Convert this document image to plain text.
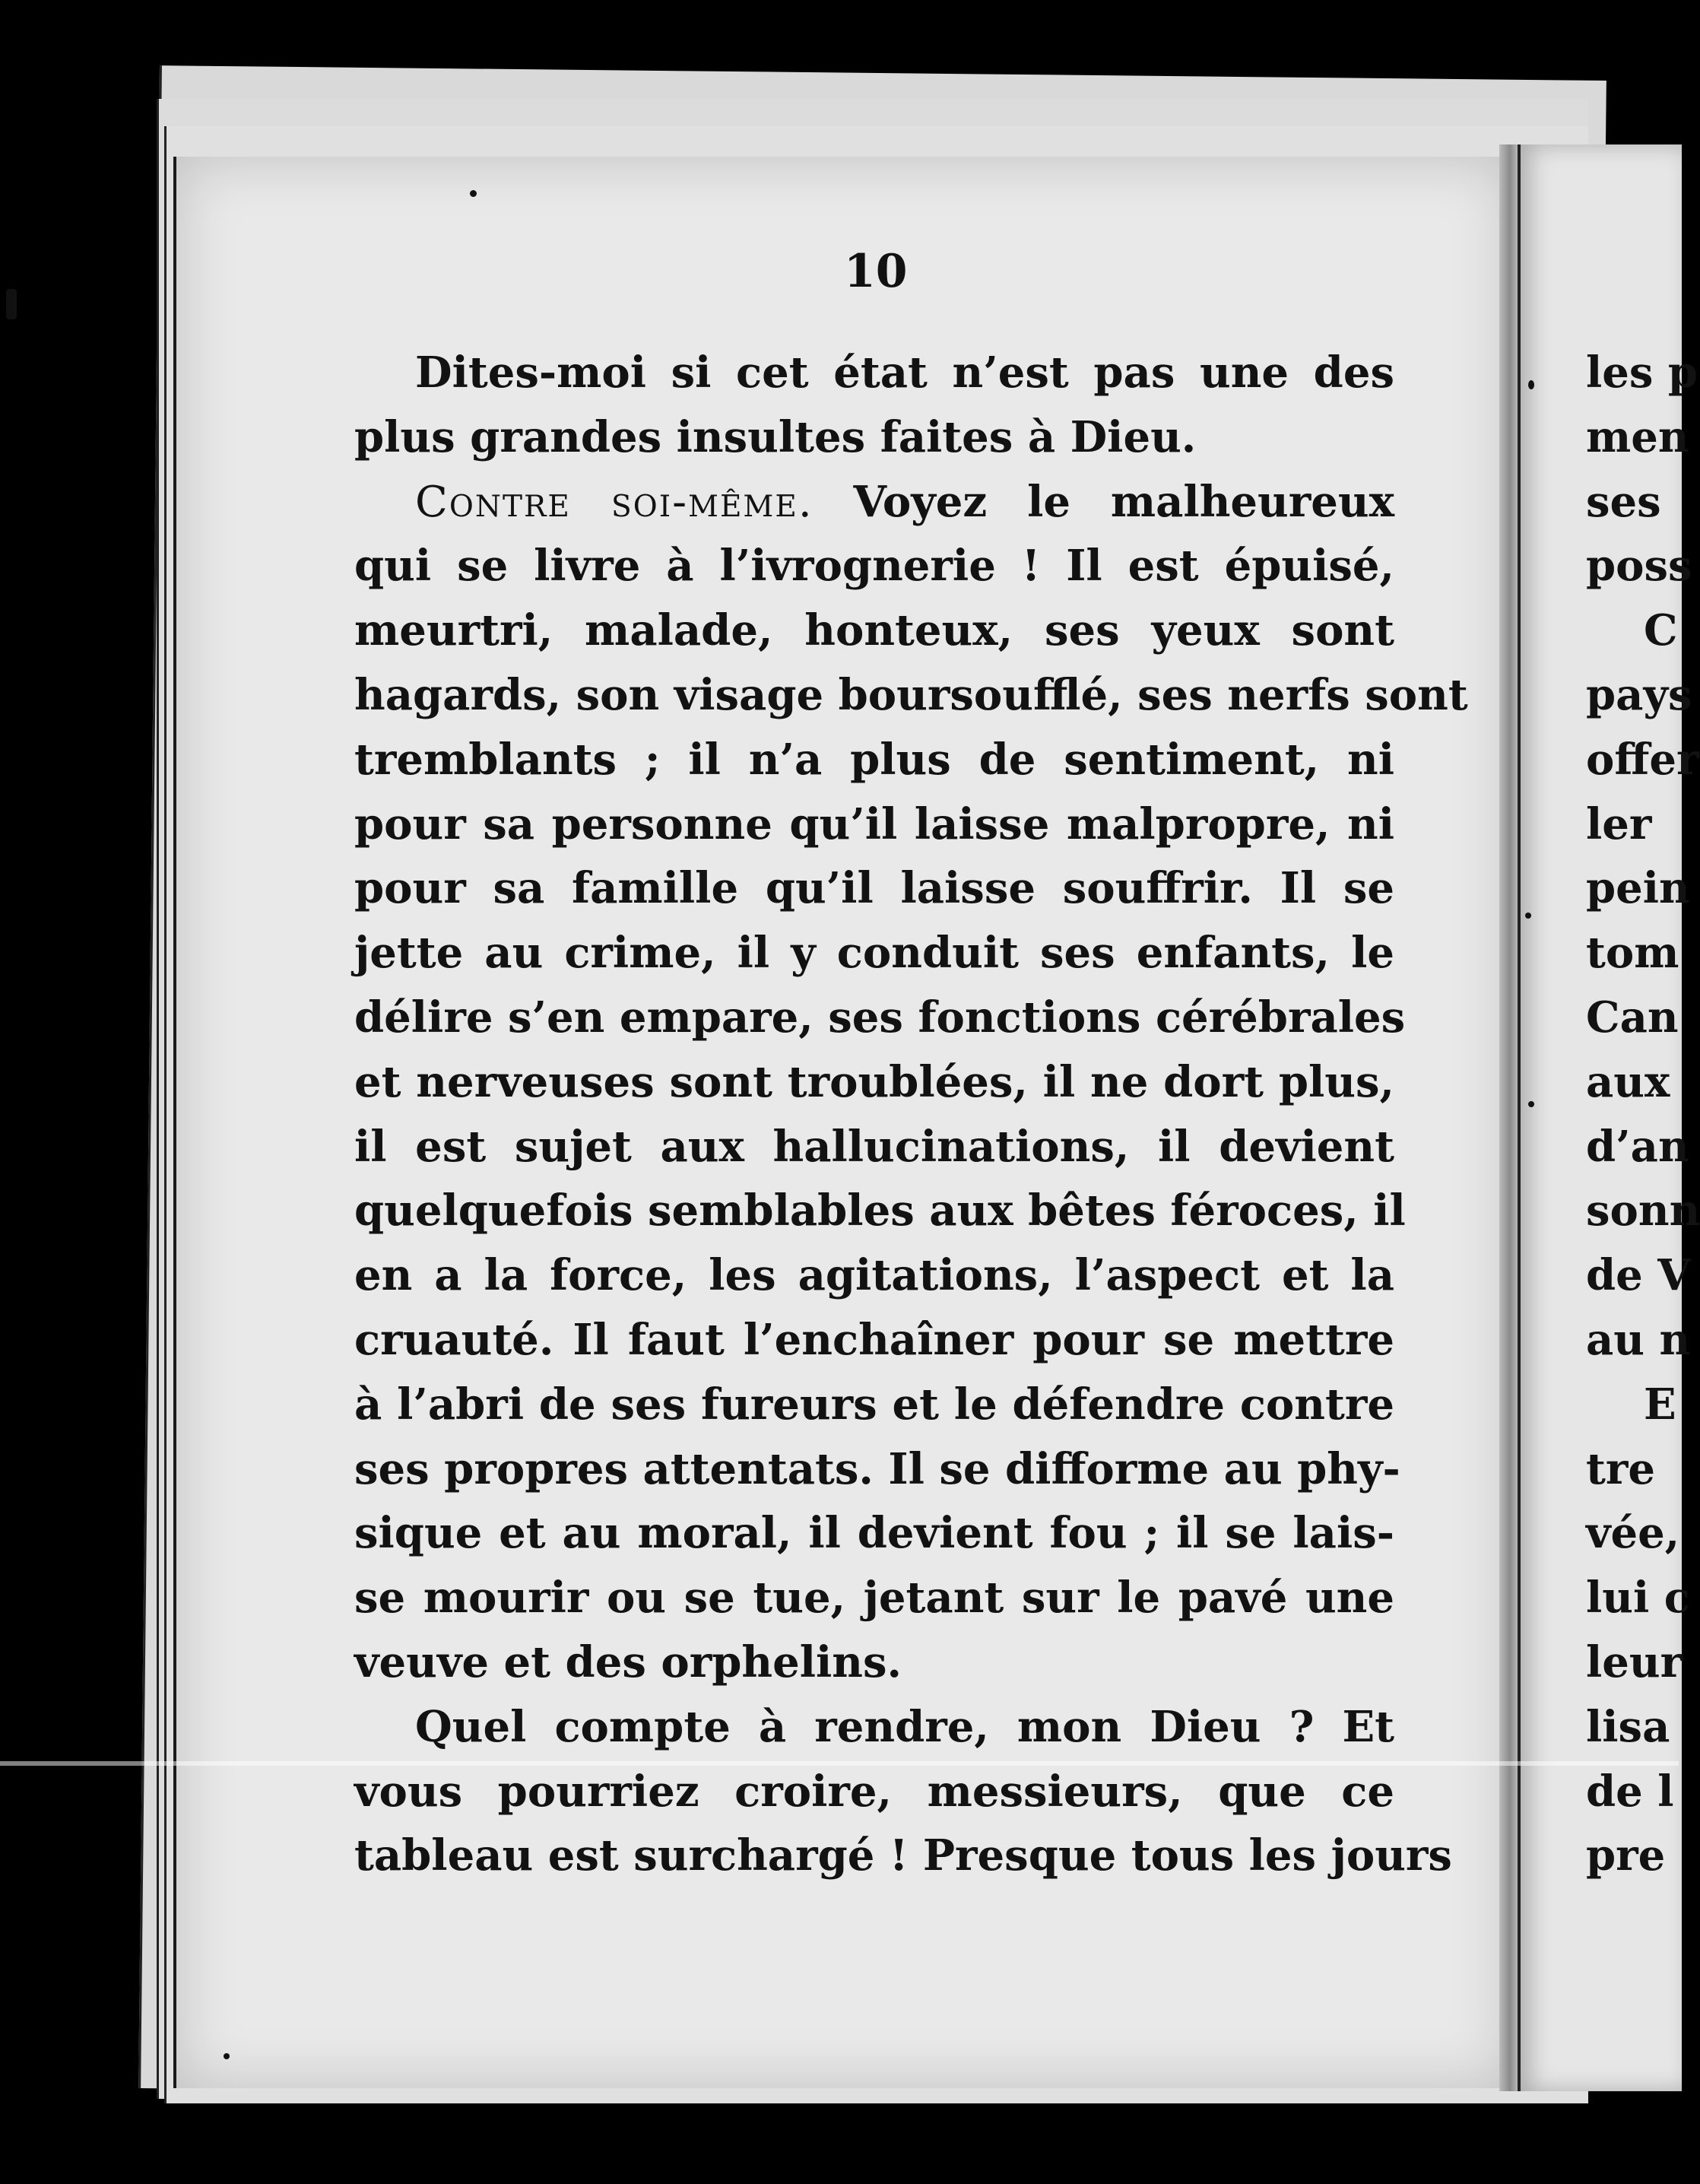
10
Dites-moi si cet état n’est pas une des
plus grandes insultes faites à Dieu.
Contre soi-même. Voyez le malheureux
qui se livre à l’ivrognerie ! Il est épuisé,
meurtri, malade, honteux, ses yeux sont
hagards, son visage boursoufflé, ses nerfs sont
tremblants ; il n’a plus de sentiment, ni
pour sa personne qu’il laisse malpropre, ni
pour sa famille qu’il laisse souffrir. Il se
jette au crime, il y conduit ses enfants, le
délire s’en empare, ses fonctions cérébrales
et nerveuses sont troublées, il ne dort plus,
il est sujet aux hallucinations, il devient
quelquefois semblables aux bêtes féroces, il
en a la force, les agitations, l’aspect et la
cruauté. Il faut l’enchaîner pour se mettre
à l’abri de ses fureurs et le défendre contre
ses propres attentats. Il se difforme au phy-
sique et au moral, il devient fou ; il se lais-
se mourir ou se tue, jetant sur le pavé une
veuve et des orphelins.
Quel compte à rendre, mon Dieu ? Et
vous pourriez croire, messieurs, que ce
tableau est surchargé ! Presque tous les jours
les p
men
ses
poss
C
pays
offer
ler
pein
tom
Can
aux
d’an
sonn
de V
au n
E
tre
vée,
lui c
leur
lisa
de l
pre
